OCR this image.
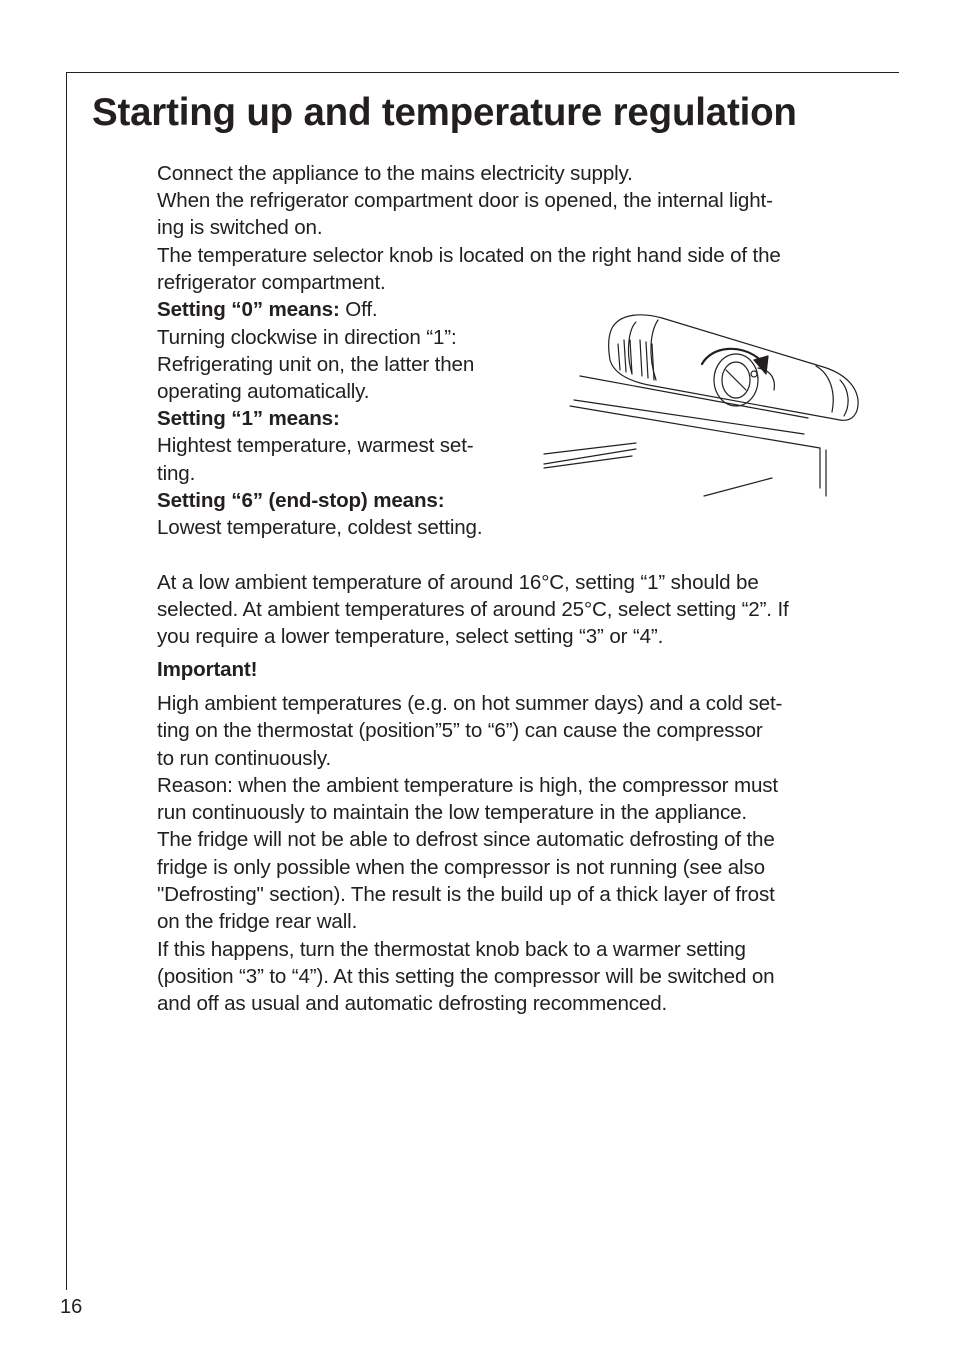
Starting up and temperature regulation
Connect the appliance to the mains electricity supply.
When the refrigerator compartment door is opened, the internal light-
ing is switched on.
The temperature selector knob is located on the right hand side of the
refrigerator compartment.
Setting “0” means: Off.
Turning clockwise in direction “1”:
Refrigerating unit on, the latter then
operating automatically.
Setting “1” means:
Hightest temperature, warmest set-
ting.
Setting “6” (end-stop) means:
Lowest temperature, coldest setting.
At a low ambient temperature of around 16°C, setting “1” should be
selected. At ambient temperatures of around 25°C, select setting “2”. If
you require a lower temperature, select setting “3” or “4”.
Important!
High ambient temperatures (e.g. on hot summer days) and a cold set-
ting on the thermostat (position”5” to “6”) can cause the compressor
to run continuously.
Reason: when the ambient temperature is high, the compressor must
run continuously to maintain the low temperature in the appliance.
The fridge will not be able to defrost since automatic defrosting of the
fridge is only possible when the compressor is not running (see also
"Defrosting" section). The result is the build up of a thick layer of frost
on the fridge rear wall.
If this happens, turn the thermostat knob back to a warmer setting
(position “3” to “4”). At this setting the compressor will be switched on
and off as usual and automatic defrosting recommenced.
16
